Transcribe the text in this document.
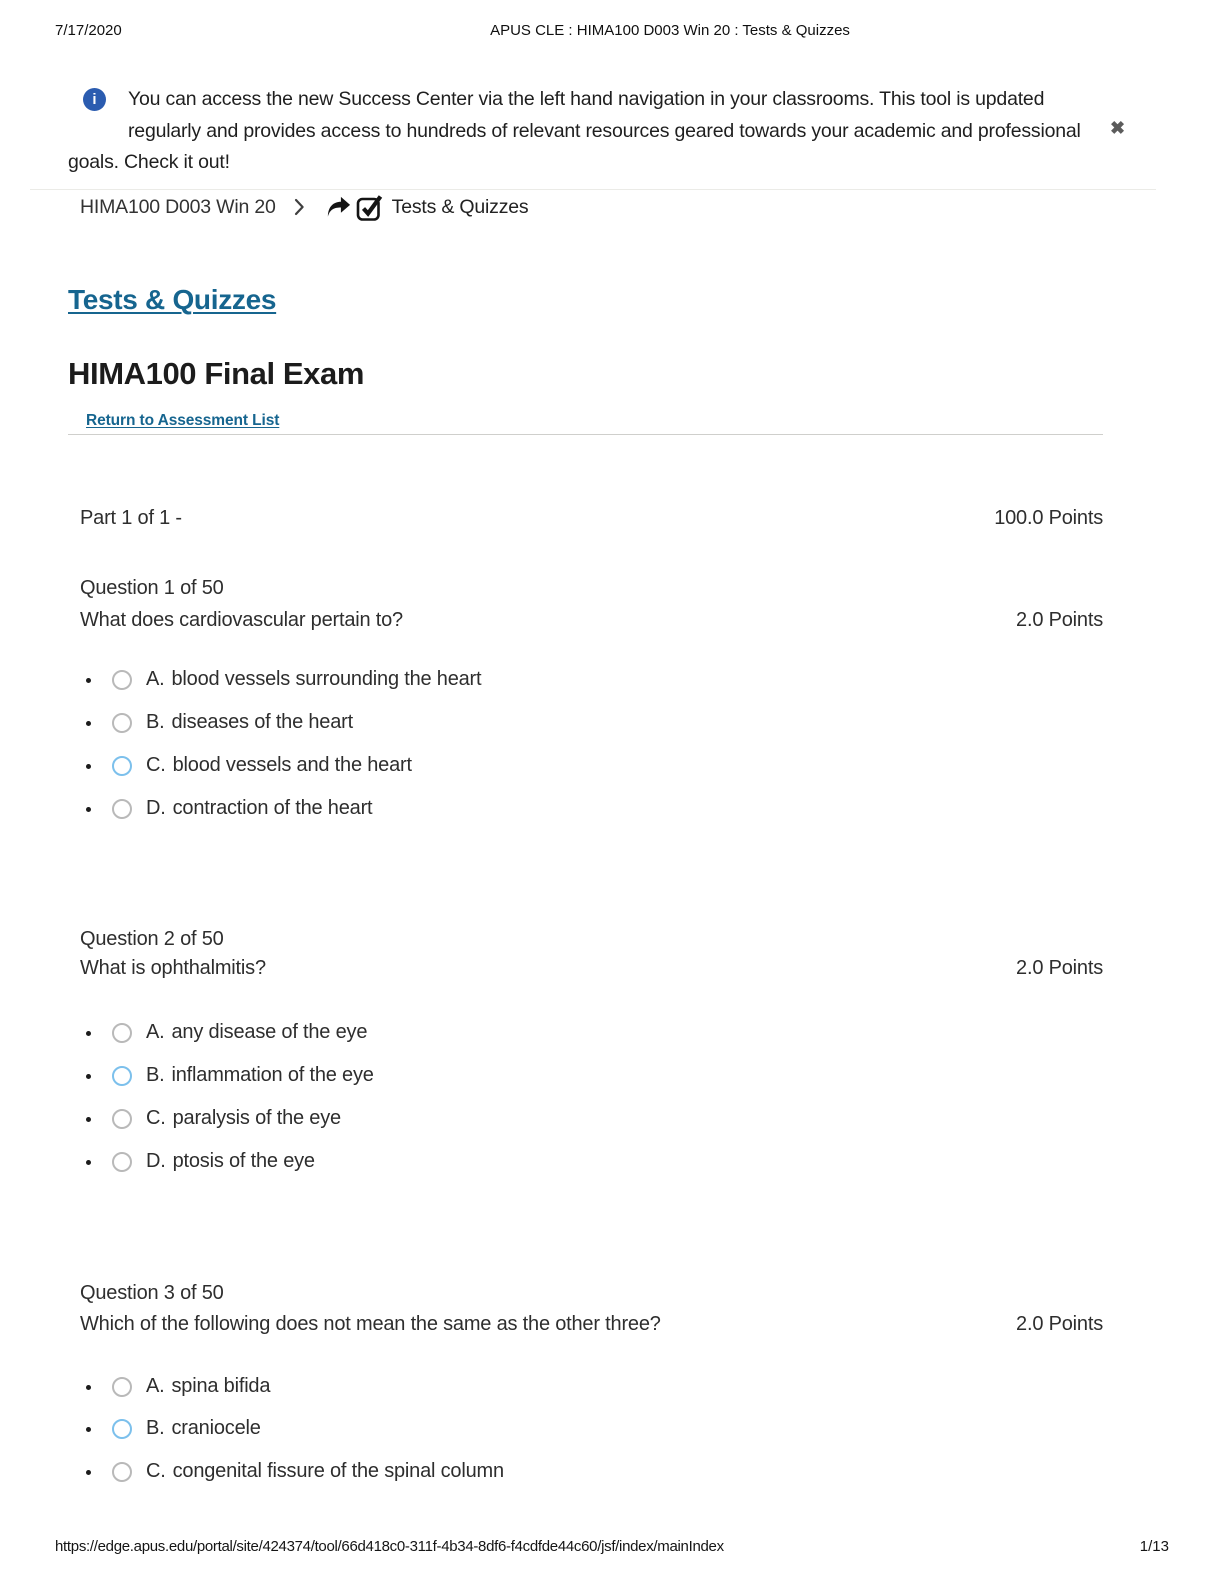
7/17/2020	APUS CLE : HIMA100 D003 Win 20 : Tests & Quizzes
i You can access the new Success Center via the left hand navigation in your classrooms. This tool is updated
regularly and provides access to hundreds of relevant resources geared towards your academic and professional
goals. Check it out!
✖
HIMA100 D003 Win 20	Tests & Quizzes
Tests & Quizzes
HIMA100 Final Exam
Return to Assessment List
Part 1 of 1 -	100.0 Points
Question 1 of 50
What does cardiovascular pertain to?	2.0 Points
A. blood vessels surrounding the heart
B. diseases of the heart
C. blood vessels and the heart
D. contraction of the heart
Question 2 of 50
What is ophthalmitis?	2.0 Points
A. any disease of the eye
B. inflammation of the eye
C. paralysis of the eye
D. ptosis of the eye
Question 3 of 50
Which of the following does not mean the same as the other three?	2.0 Points
A. spina bifida
B. craniocele
C. congenital fissure of the spinal column
https://edge.apus.edu/portal/site/424374/tool/66d418c0-311f-4b34-8df6-f4cdfde44c60/jsf/index/mainIndex	1/13
